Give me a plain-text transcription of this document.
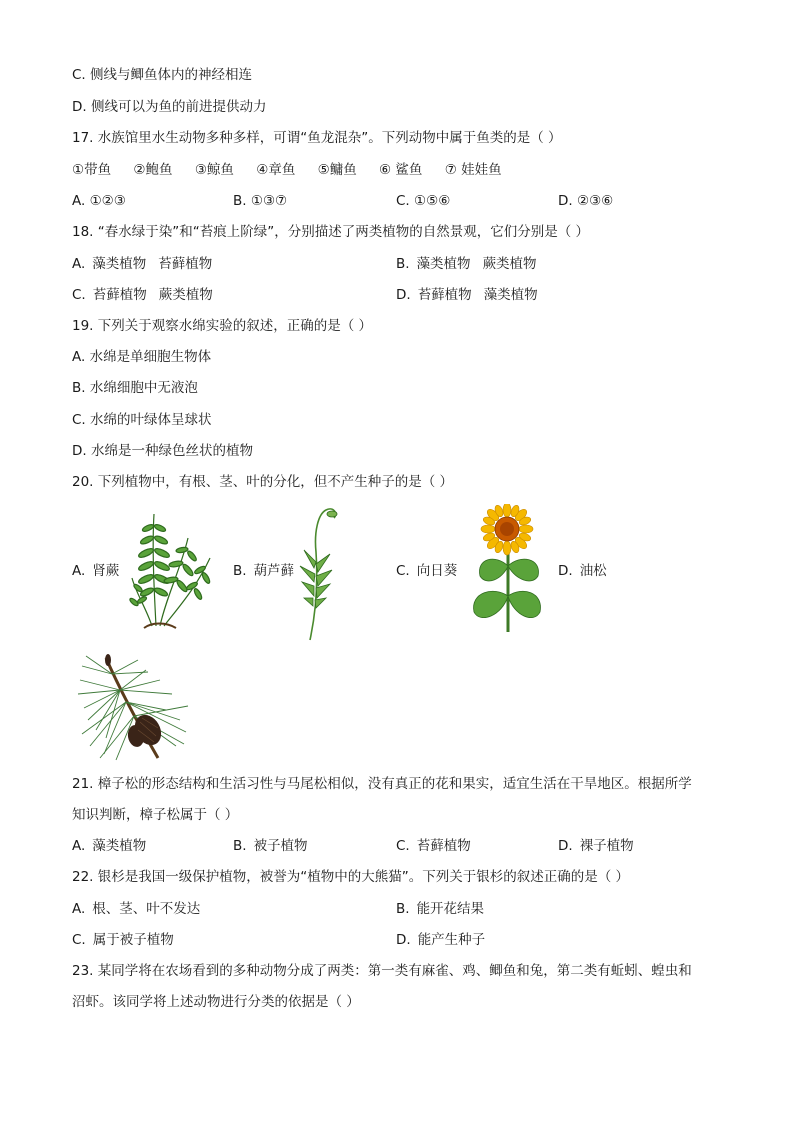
C. 侧线与鲫鱼体内的神经相连
D. 侧线可以为鱼的前进提供动力
17. 水族馆里水生动物多种多样，可谓“鱼龙混杂”。下列动物中属于鱼类的是（ ）
①带鱼 ②鲍鱼 ③鲸鱼 ④章鱼 ⑤鳙鱼 ⑥ 鲨鱼 ⑦ 娃娃鱼
A. ①②③	B. ①③⑦	C. ①⑤⑥	D. ②③⑥
18. “春水绿于染”和“苔痕上阶绿”，分别描述了两类植物的自然景观，它们分别是（ ）
A. 藻类植物 苔藓植物	B. 藻类植物 蕨类植物
C. 苔藓植物 蕨类植物	D. 苔藓植物 藻类植物
19. 下列关于观察水绵实验的叙述，正确的是（ ）
A. 水绵是单细胞生物体
B. 水绵细胞中无液泡
C. 水绵的叶绿体呈球状
D. 水绵是一种绿色丝状的植物
20. 下列植物中，有根、茎、叶的分化，但不产生种子的是（ ）
A. 肾蕨	B. 葫芦藓	C. 向日葵	D. 油松
21. 樟子松的形态结构和生活习性与马尾松相似，没有真正的花和果实，适宜生活在干旱地区。根据所学
知识判断，樟子松属于（ ）
A. 藻类植物	B. 被子植物	C. 苔藓植物	D. 裸子植物
22. 银杉是我国一级保护植物，被誉为“植物中的大熊猫”。下列关于银杉的叙述正确的是（ ）
A. 根、茎、叶不发达	B. 能开花结果
C. 属于被子植物	D. 能产生种子
23. 某同学将在农场看到的多种动物分成了两类：第一类有麻雀、鸡、鲫鱼和兔，第二类有蚯蚓、蝗虫和
沼虾。该同学将上述动物进行分类的依据是（ ）
